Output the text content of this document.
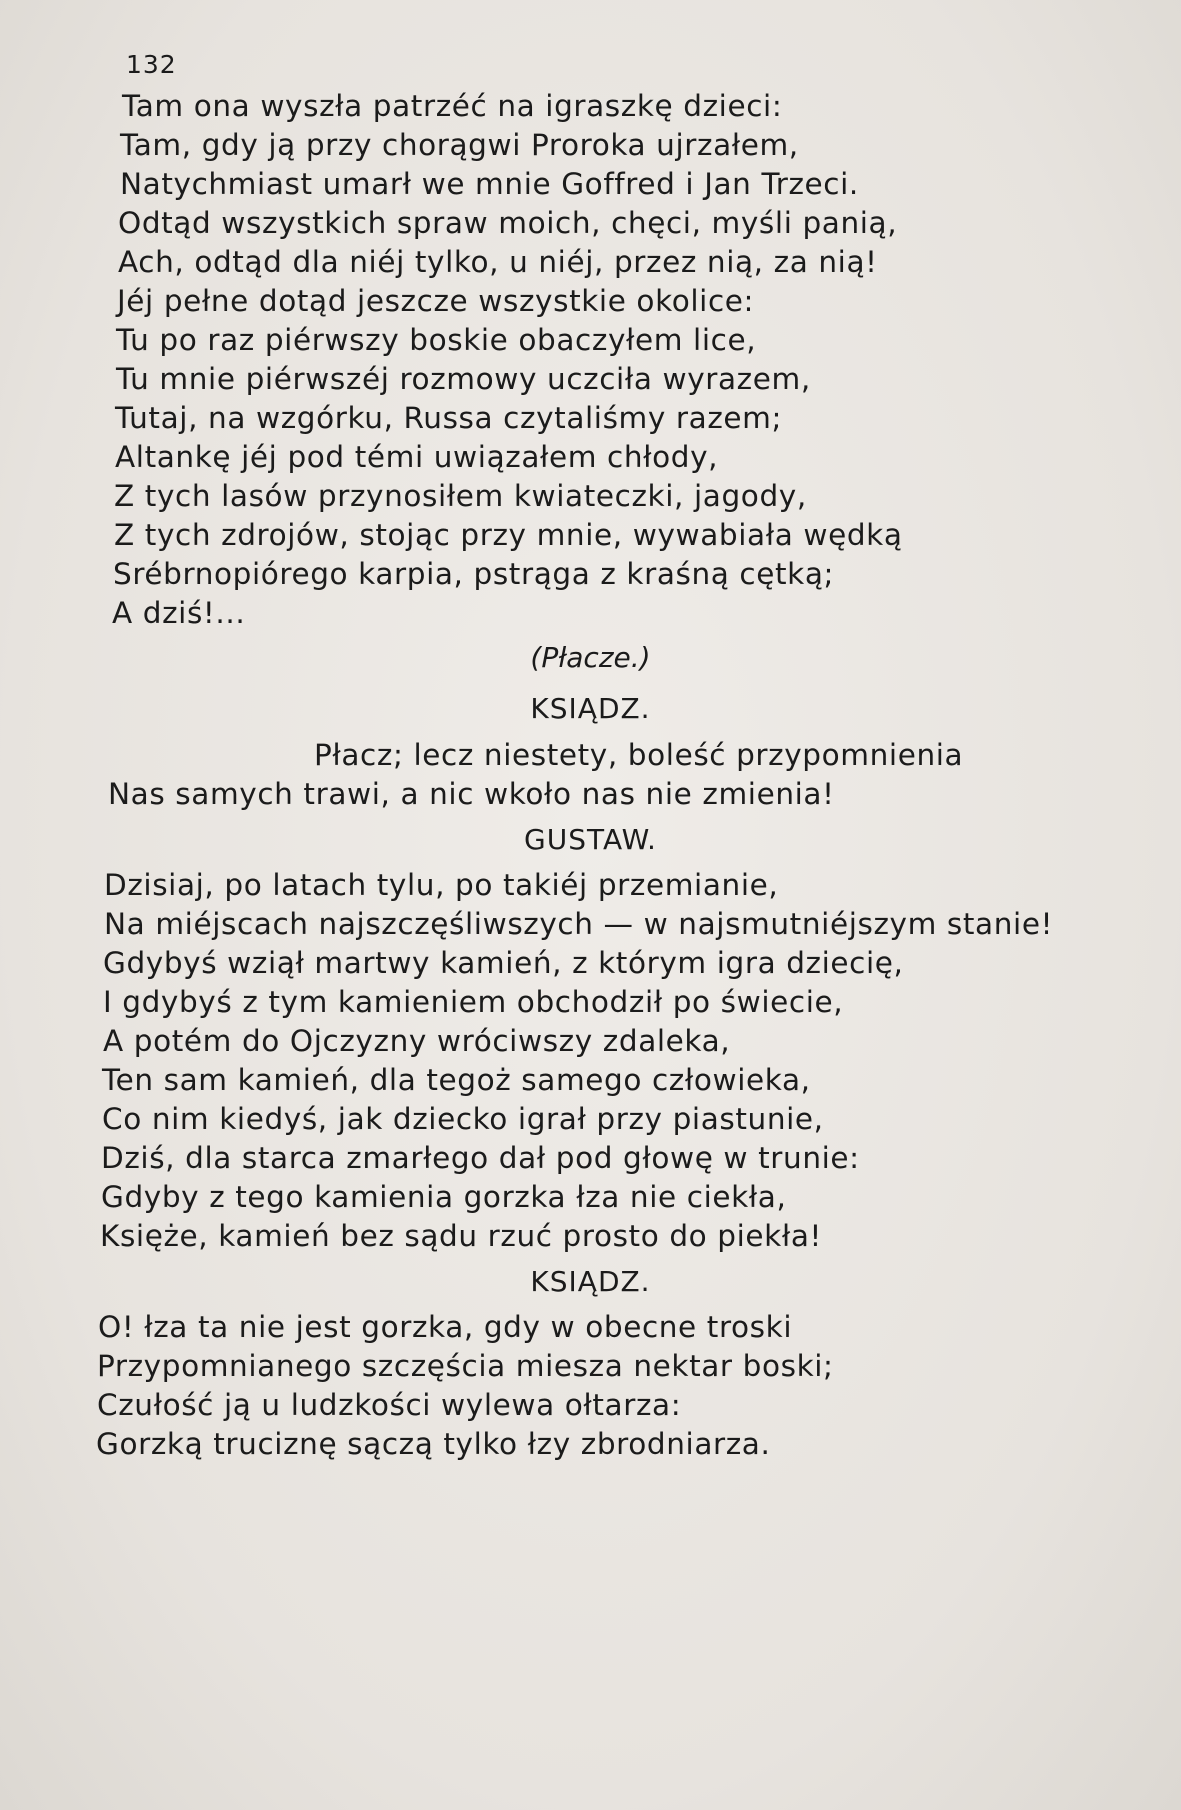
132
Tam ona wyszła patrzéć na igraszkę dzieci:
Tam, gdy ją przy chorągwi Proroka ujrzałem,
Natychmiast umarł we mnie Goffred i Jan Trzeci.
Odtąd wszystkich spraw moich, chęci, myśli panią,
Ach, odtąd dla niéj tylko, u niéj, przez nią, za nią!
Jéj pełne dotąd jeszcze wszystkie okolice:
Tu po raz piérwszy boskie obaczyłem lice,
Tu mnie piérwszéj rozmowy uczciła wyrazem,
Tutaj, na wzgórku, Russa czytaliśmy razem;
Altankę jéj pod témi uwiązałem chłody,
Z tych lasów przynosiłem kwiateczki, jagody,
Z tych zdrojów, stojąc przy mnie, wywabiała wędką
Srébrnopiórego karpia, pstrąga z kraśną cętką;
A dziś!...
(Płacze.)
KSIĄDZ.
Płacz; lecz niestety, boleść przypomnienia
Nas samych trawi, a nic wkoło nas nie zmienia!
GUSTAW.
Dzisiaj, po latach tylu, po takiéj przemianie,
Na miéjscach najszczęśliwszych — w najsmutniéjszym stanie!
Gdybyś wziął martwy kamień, z którym igra dziecię,
I gdybyś z tym kamieniem obchodził po świecie,
A potém do Ojczyzny wróciwszy zdaleka,
Ten sam kamień, dla tegoż samego człowieka,
Co nim kiedyś, jak dziecko igrał przy piastunie,
Dziś, dla starca zmarłego dał pod głowę w trunie:
Gdyby z tego kamienia gorzka łza nie ciekła,
Księże, kamień bez sądu rzuć prosto do piekła!
KSIĄDZ.
O! łza ta nie jest gorzka, gdy w obecne troski
Przypomnianego szczęścia miesza nektar boski;
Czułość ją u ludzkości wylewa ołtarza:
Gorzką truciznę sączą tylko łzy zbrodniarza.
